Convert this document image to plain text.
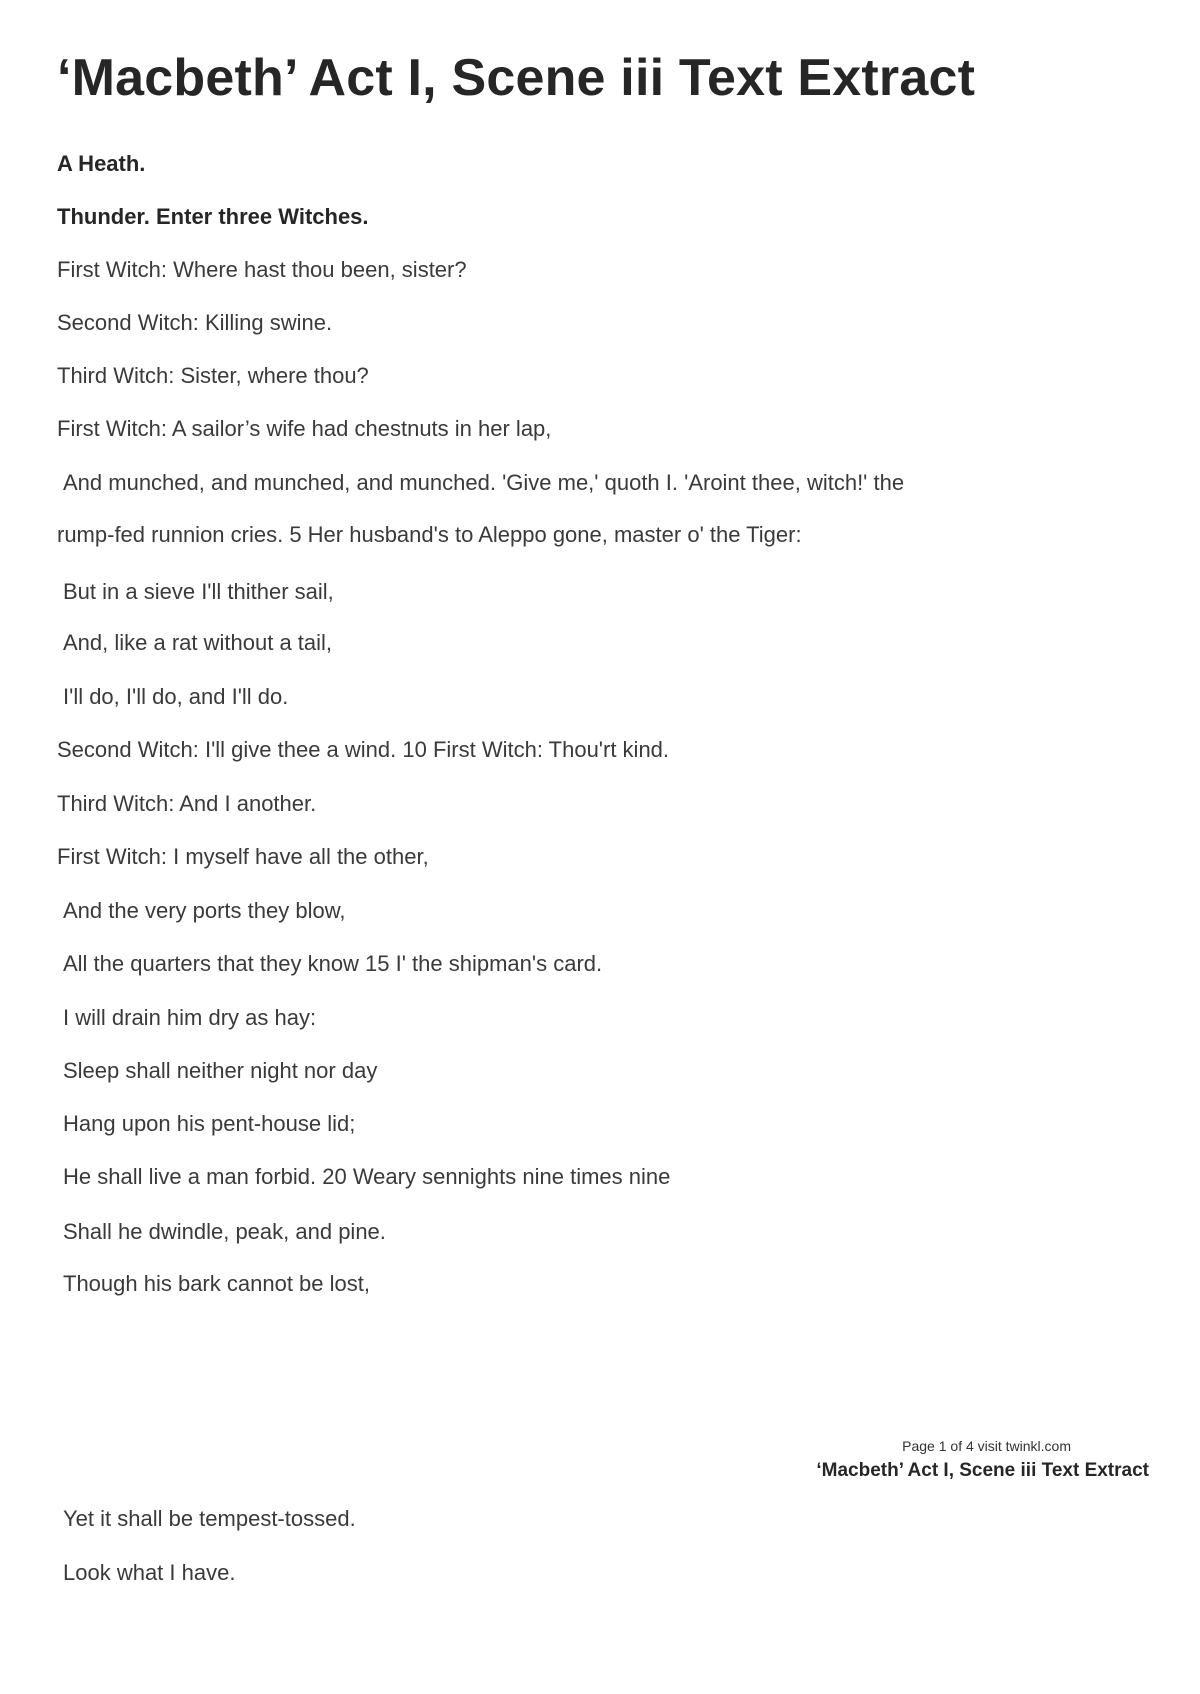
‘Macbeth’ Act I, Scene iii Text Extract

A Heath.

Thunder. Enter three Witches.

First Witch: Where hast thou been, sister?

Second Witch: Killing swine.

Third Witch: Sister, where thou?

First Witch: A sailor’s wife had chestnuts in her lap,

And munched, and munched, and munched. 'Give me,' quoth I. 'Aroint thee, witch!' the

rump-fed runnion cries. 5 Her husband's to Aleppo gone, master o' the Tiger:

But in a sieve I'll thither sail,

And, like a rat without a tail,

I'll do, I'll do, and I'll do.

Second Witch: I'll give thee a wind. 10 First Witch: Thou'rt kind.

Third Witch: And I another.

First Witch: I myself have all the other,

And the very ports they blow,

All the quarters that they know 15 I' the shipman's card.

I will drain him dry as hay:

Sleep shall neither night nor day

Hang upon his pent-house lid;

He shall live a man forbid. 20 Weary sennights nine times nine

Shall he dwindle, peak, and pine.

Though his bark cannot be lost,

Page 1 of 4 visit twinkl.com
‘Macbeth’ Act I, Scene iii Text Extract

Yet it shall be tempest-tossed.

Look what I have.
